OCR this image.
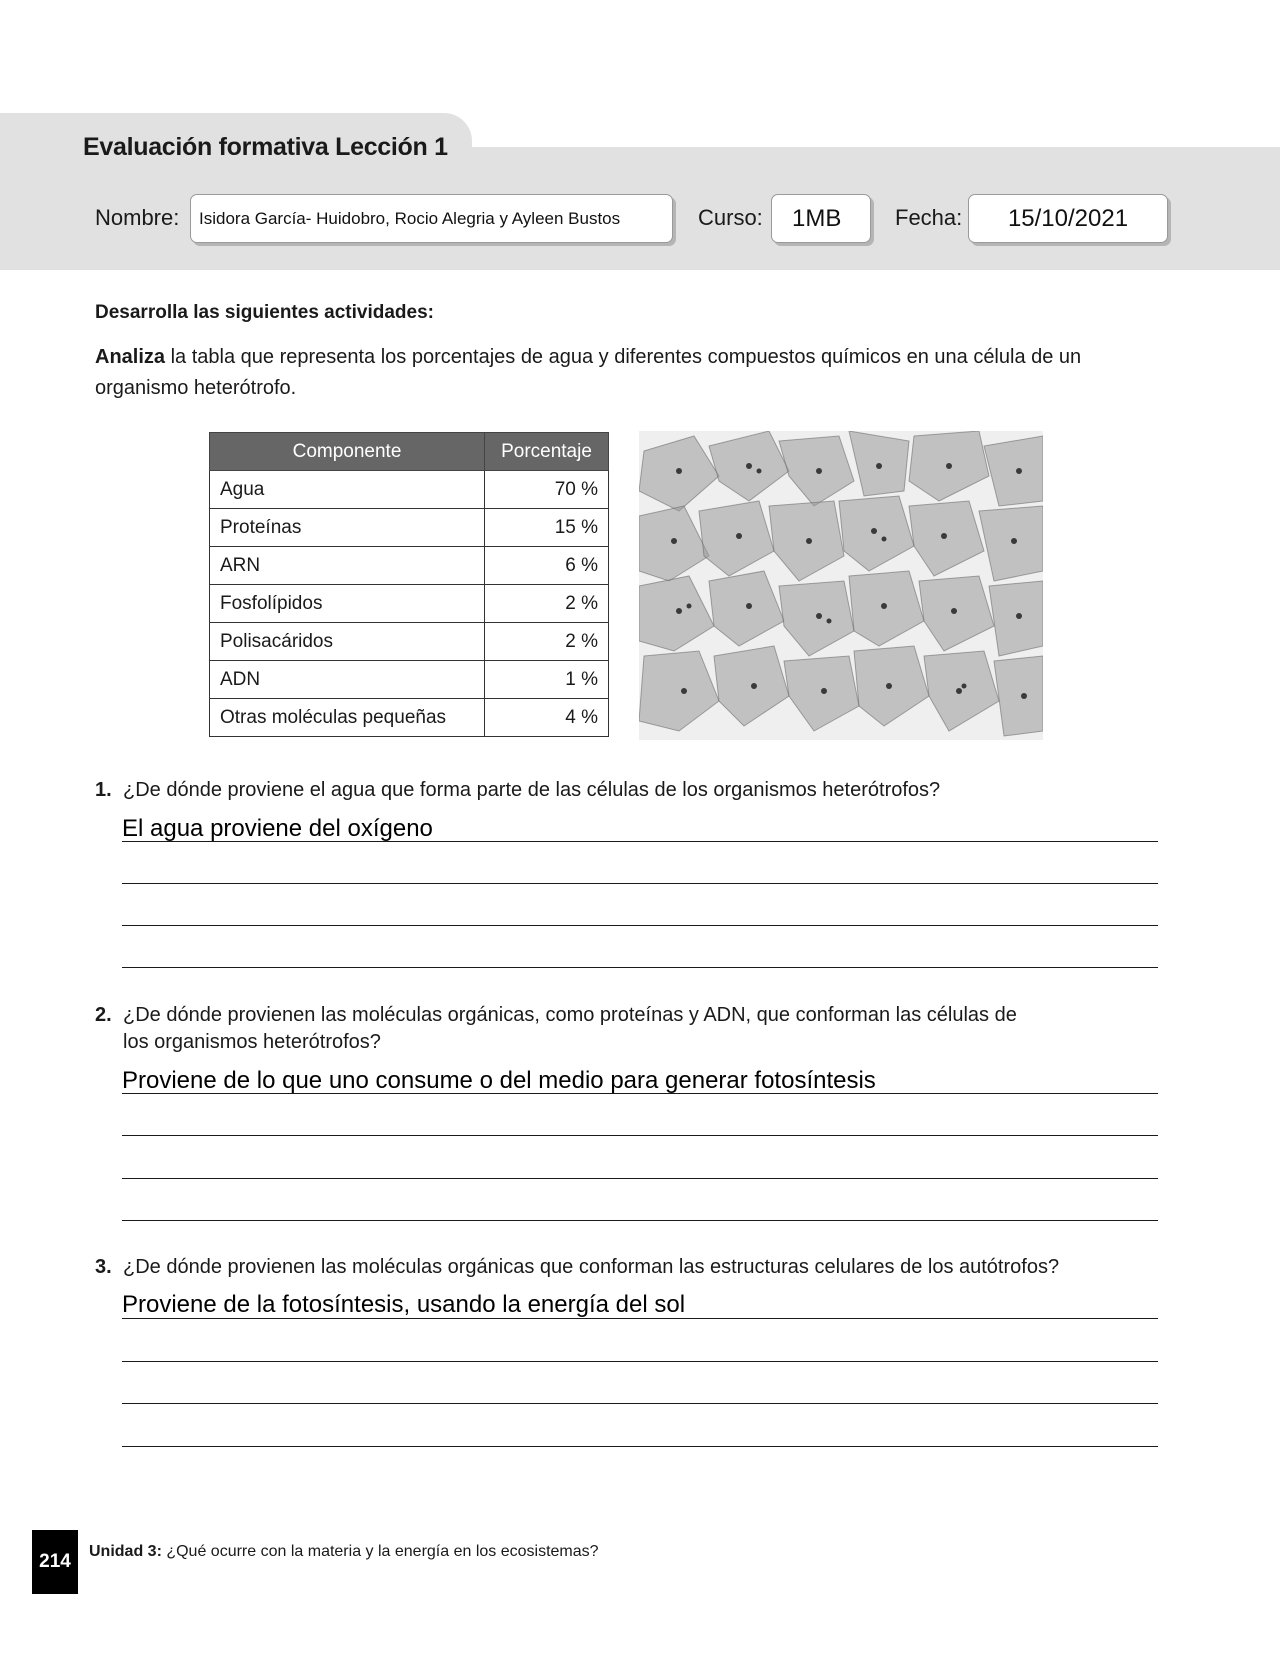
Evaluación formativa Lección 1
Nombre: Isidora García- Huidobro, Rocio Alegria y Ayleen Bustos	Curso: 1MB Fecha: 15/10/2021
Desarrolla las siguientes actividades:
Analiza la tabla que representa los porcentajes de agua y diferentes compuestos químicos en una célula de un organismo heterótrofo.
Componente	Porcentaje
Agua	70 %
Proteínas	15 %
ARN	6 %
Fosfolípidos	2 %
Polisacáridos	2 %
ADN	1 %
Otras moléculas pequeñas	4 %
1. ¿De dónde proviene el agua que forma parte de las células de los organismos heterótrofos?
El agua proviene del oxígeno
2. ¿De dónde provienen las moléculas orgánicas, como proteínas y ADN, que conforman las células de los organismos heterótrofos?
Proviene de lo que uno consume o del medio para generar fotosíntesis
3. ¿De dónde provienen las moléculas orgánicas que conforman las estructuras celulares de los autótrofos?
Proviene de la fotosíntesis, usando la energía del sol
214	Unidad 3: ¿Qué ocurre con la materia y la energía en los ecosistemas?
